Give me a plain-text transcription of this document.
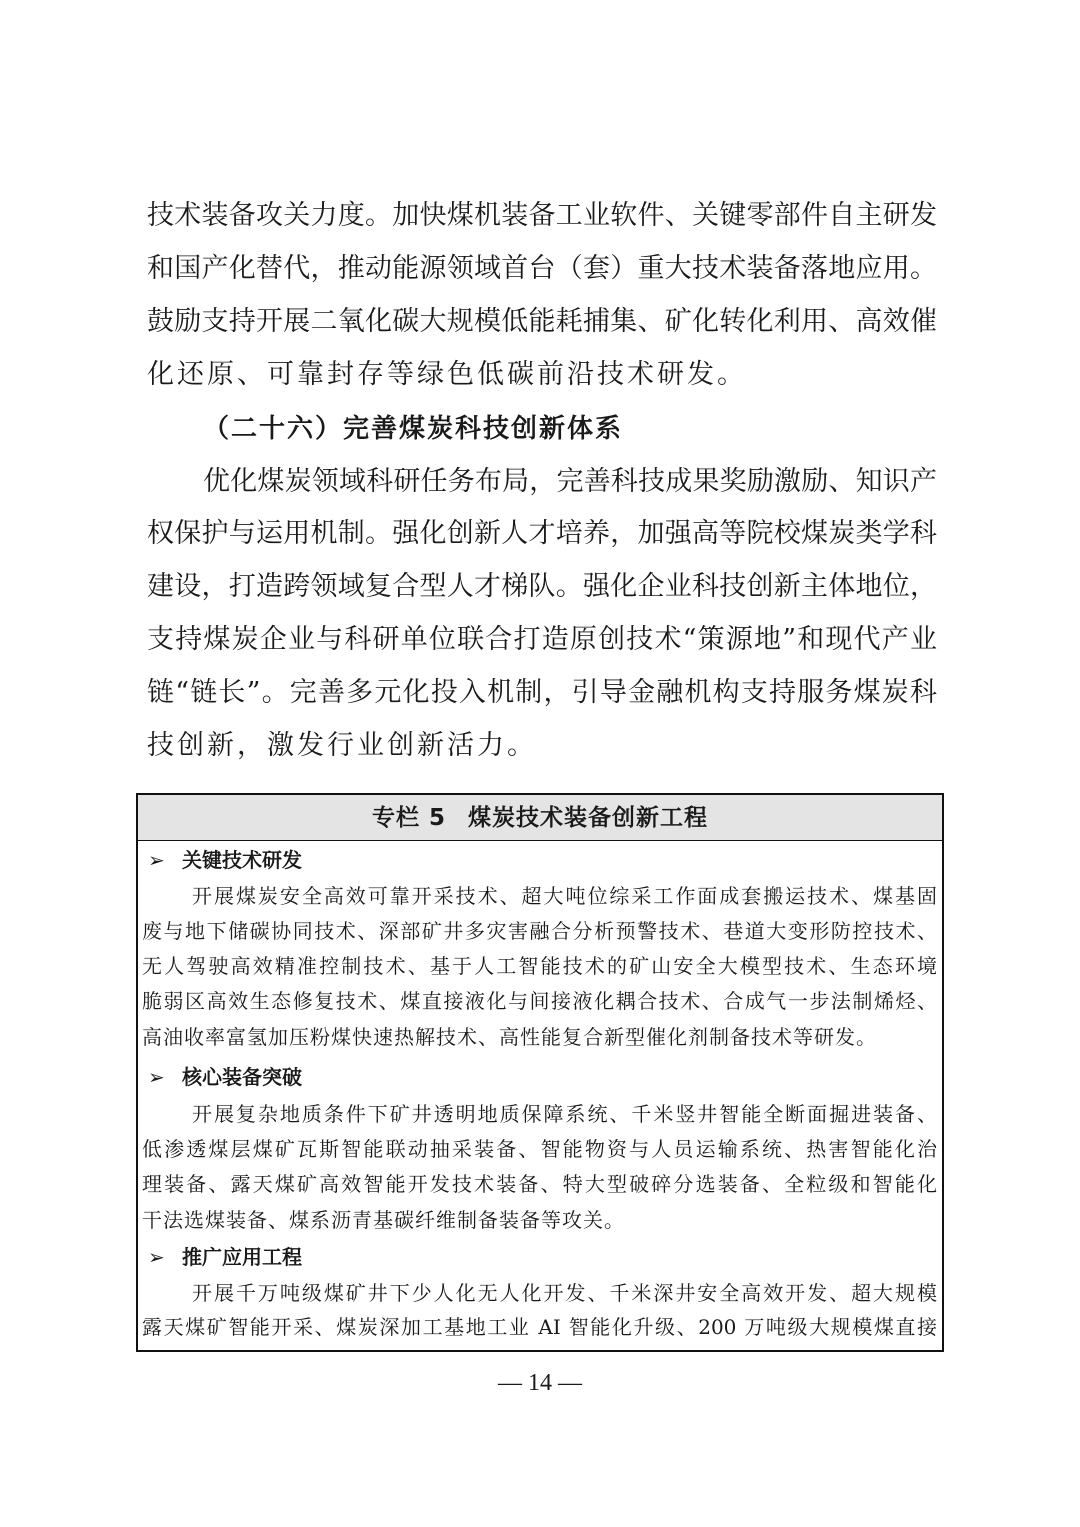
技术装备攻关力度。加快煤机装备工业软件、关键零部件自主研发
和国产化替代，推动能源领域首台（套）重大技术装备落地应用。
鼓励支持开展二氧化碳大规模低能耗捕集、矿化转化利用、高效催
化还原、可靠封存等绿色低碳前沿技术研发。
（二十六）完善煤炭科技创新体系
优化煤炭领域科研任务布局，完善科技成果奖励激励、知识产
权保护与运用机制。强化创新人才培养，加强高等院校煤炭类学科
建设，打造跨领域复合型人才梯队。强化企业科技创新主体地位，
支持煤炭企业与科研单位联合打造原创技术“策源地”和现代产业
链“链长”。完善多元化投入机制，引导金融机构支持服务煤炭科
技创新，激发行业创新活力。
专栏 5 煤炭技术装备创新工程
➢ 关键技术研发
开展煤炭安全高效可靠开采技术、超大吨位综采工作面成套搬运技术、煤基固
废与地下储碳协同技术、深部矿井多灾害融合分析预警技术、巷道大变形防控技术、
无人驾驶高效精准控制技术、基于人工智能技术的矿山安全大模型技术、生态环境
脆弱区高效生态修复技术、煤直接液化与间接液化耦合技术、合成气一步法制烯烃、
高油收率富氢加压粉煤快速热解技术、高性能复合新型催化剂制备技术等研发。
➢ 核心装备突破
开展复杂地质条件下矿井透明地质保障系统、千米竖井智能全断面掘进装备、
低渗透煤层煤矿瓦斯智能联动抽采装备、智能物资与人员运输系统、热害智能化治
理装备、露天煤矿高效智能开发技术装备、特大型破碎分选装备、全粒级和智能化
干法选煤装备、煤系沥青基碳纤维制备装备等攻关。
➢ 推广应用工程
开展千万吨级煤矿井下少人化无人化开发、千米深井安全高效开发、超大规模
露天煤矿智能开采、煤炭深加工基地工业 AI 智能化升级、200 万吨级大规模煤直接
— 14 —
